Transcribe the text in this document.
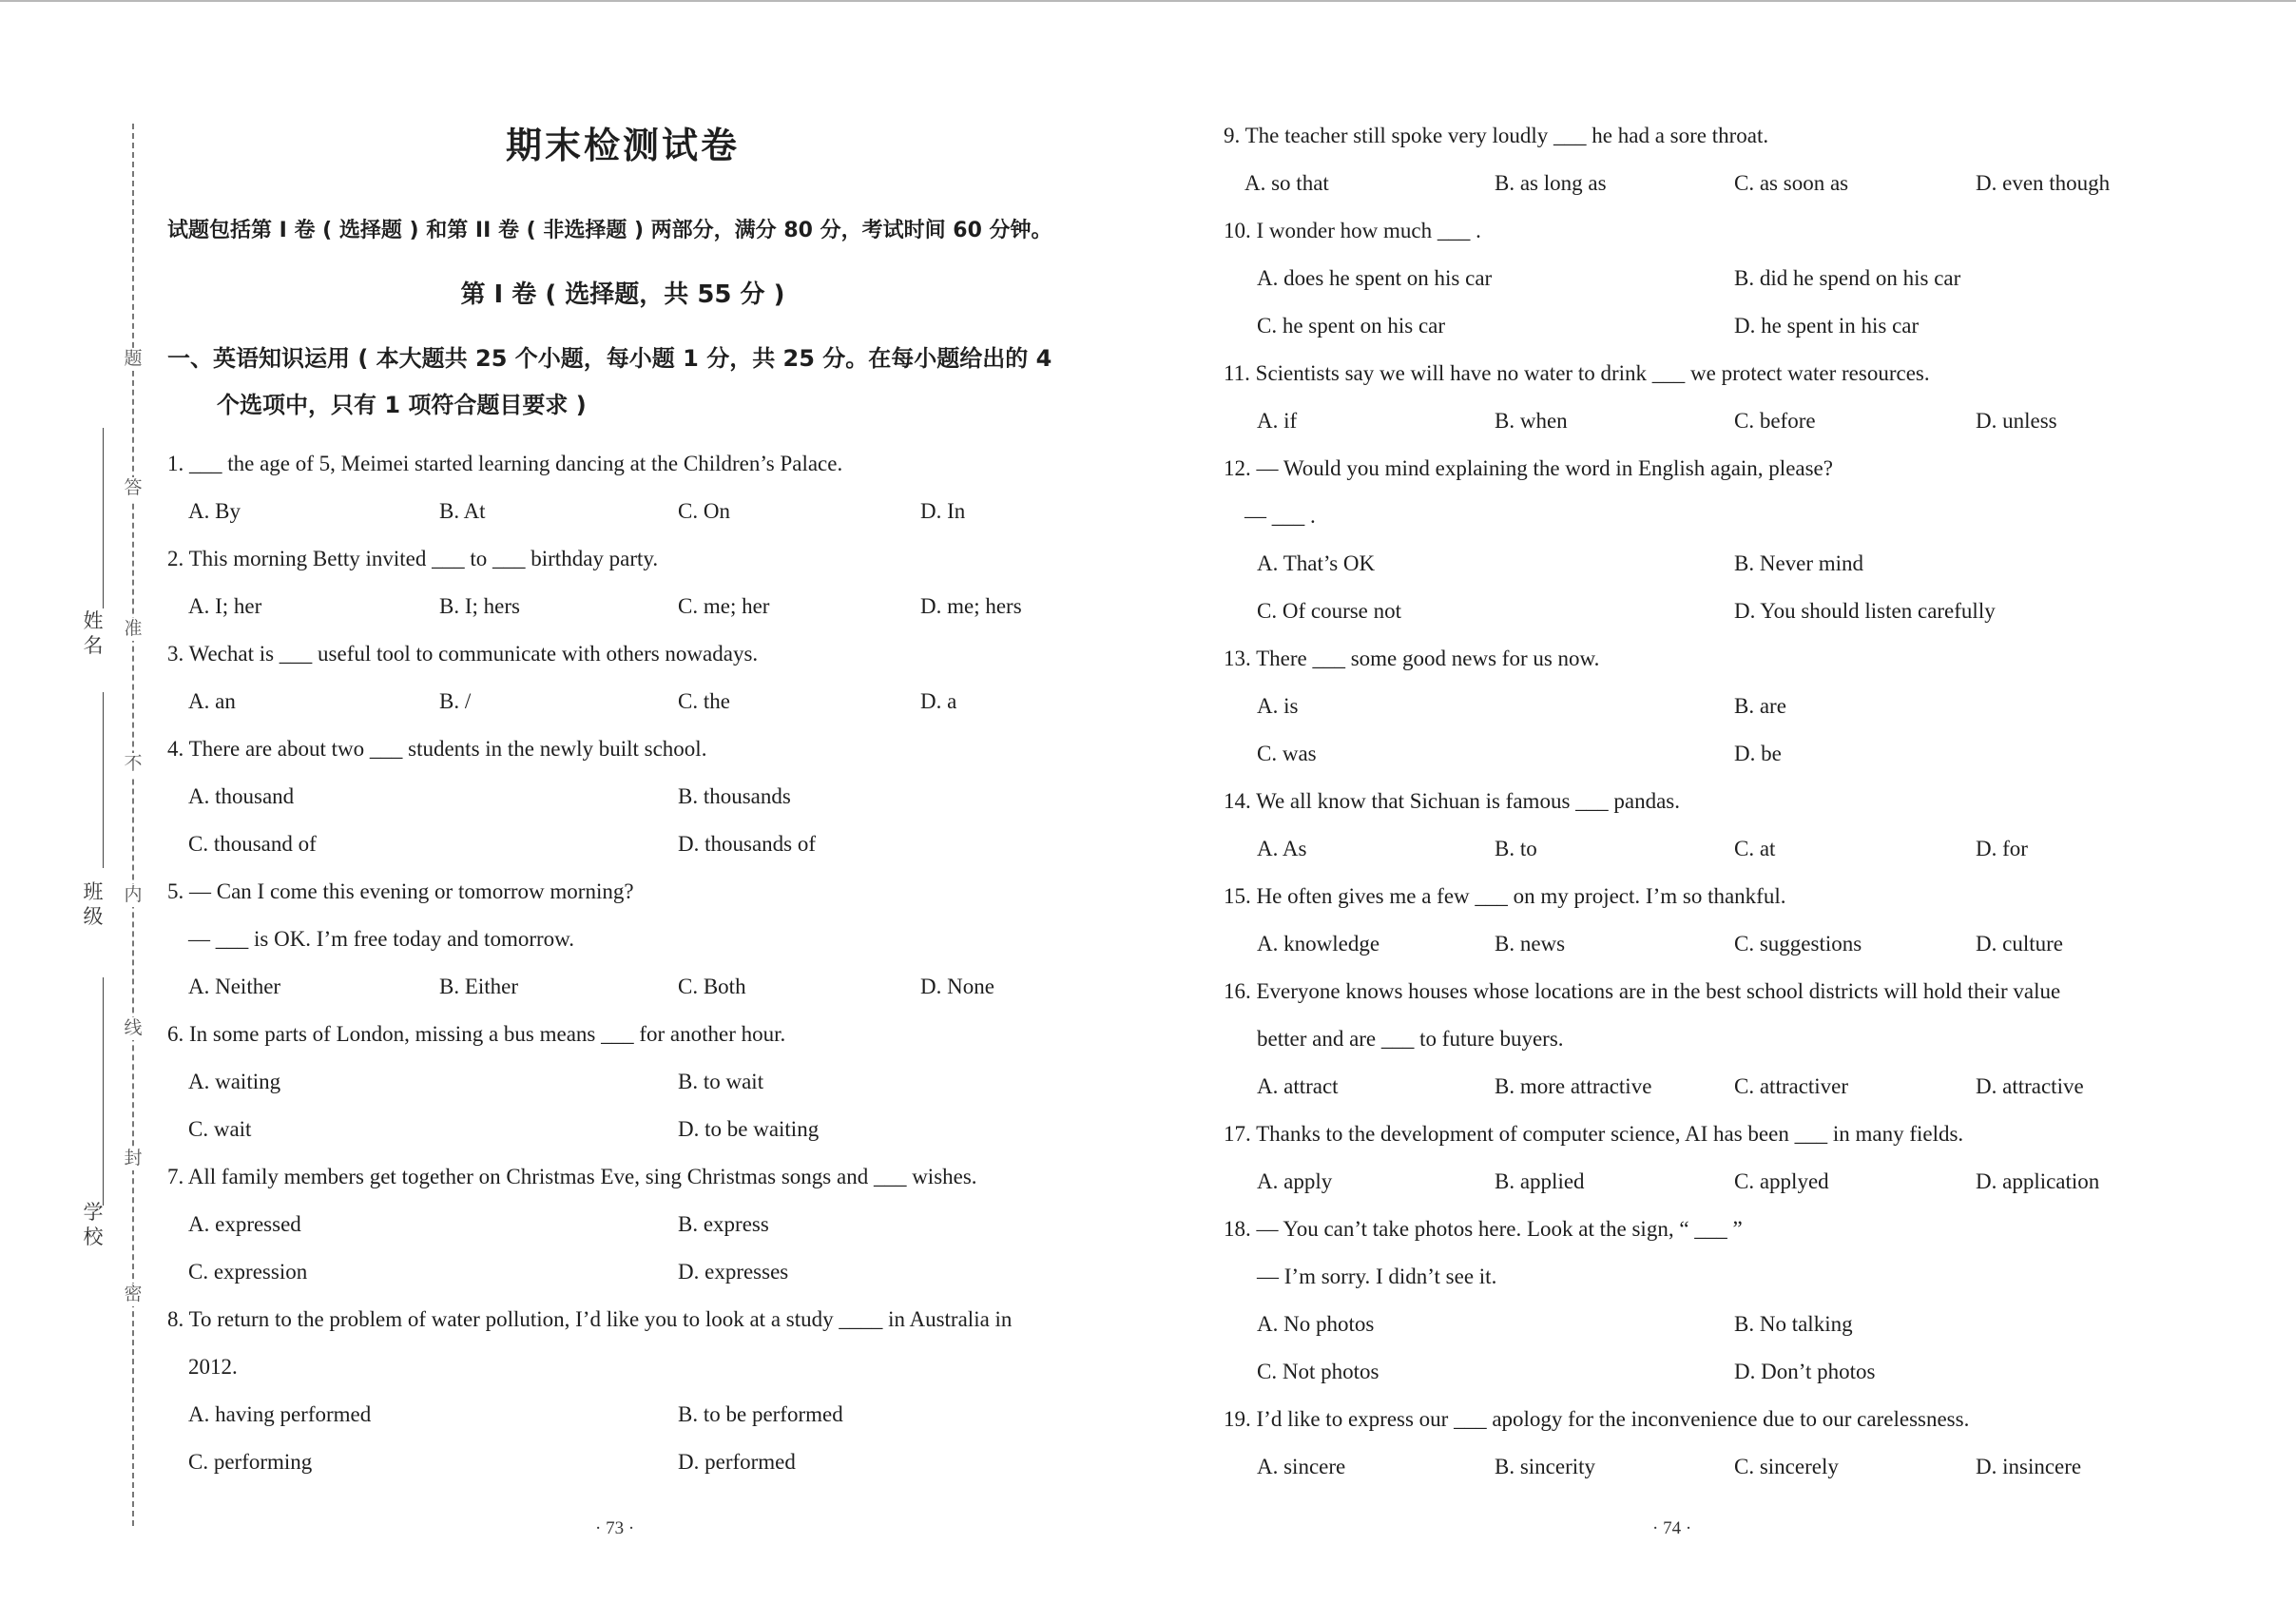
题
答
准
不
内
线
封
密
姓名
班级
学校
期末检测试卷
试题包括第 I 卷 ( 选择题 ) 和第 II 卷 ( 非选择题 ) 两部分，满分 80 分，考试时间 60 分钟。
第 I 卷 ( 选择题，共 55 分 )
一、英语知识运用 ( 本大题共 25 个小题，每小题 1 分，共 25 分。在每小题给出的 4
个选项中，只有 1 项符合题目要求 )
1. ___ the age of 5, Meimei started learning dancing at the Children’s Palace.
A. By	B. At	C. On	D. In
2. This morning Betty invited ___ to ___ birthday party.
A. I; her	B. I; hers	C. me; her	D. me; hers
3. Wechat is ___ useful tool to communicate with others nowadays.
A. an	B. /	C. the	D. a
4. There are about two ___ students in the newly built school.
A. thousand	B. thousands
C. thousand of	D. thousands of
5. — Can I come this evening or tomorrow morning?
— ___ is OK. I’m free today and tomorrow.
A. Neither	B. Either	C. Both	D. None
6. In some parts of London, missing a bus means ___ for another hour.
A. waiting	B. to wait
C. wait	D. to be waiting
7. All family members get together on Christmas Eve, sing Christmas songs and ___ wishes.
A. expressed	B. express
C. expression	D. expresses
8. To return to the problem of water pollution, I’d like you to look at a study ____ in Australia in
2012.
A. having performed	B. to be performed
C. performing	D. performed
· 73 ·
9. The teacher still spoke very loudly ___ he had a sore throat.
A. so that	B. as long as	C. as soon as	D. even though
10. I wonder how much ___ .
A. does he spent on his car	B. did he spend on his car
C. he spent on his car	D. he spent in his car
11. Scientists say we will have no water to drink ___ we protect water resources.
A. if	B. when	C. before	D. unless
12. — Would you mind explaining the word in English again, please?
— ___ .
A. That’s OK	B. Never mind
C. Of course not	D. You should listen carefully
13. There ___ some good news for us now.
A. is	B. are
C. was	D. be
14. We all know that Sichuan is famous ___ pandas.
A. As	B. to	C. at	D. for
15. He often gives me a few ___ on my project. I’m so thankful.
A. knowledge	B. news	C. suggestions	D. culture
16. Everyone knows houses whose locations are in the best school districts will hold their value
better and are ___ to future buyers.
A. attract	B. more attractive	C. attractiver	D. attractive
17. Thanks to the development of computer science, AI has been ___ in many fields.
A. apply	B. applied	C. applyed	D. application
18. — You can’t take photos here. Look at the sign, “ ___ ”
— I’m sorry. I didn’t see it.
A. No photos	B. No talking
C. Not photos	D. Don’t photos
19. I’d like to express our ___ apology for the inconvenience due to our carelessness.
A. sincere	B. sincerity	C. sincerely	D. insincere
· 74 ·
